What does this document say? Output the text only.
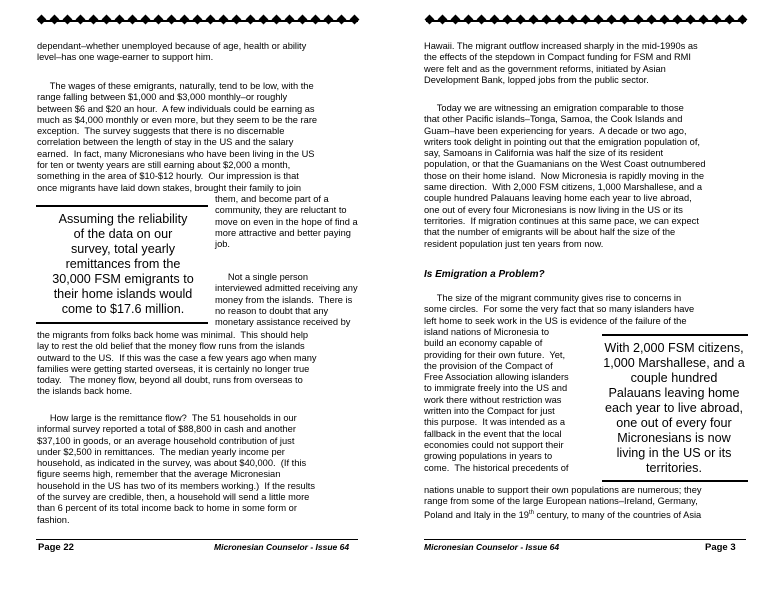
dependant–whether unemployed because of age, health or ability
level–has one wage-earner to support him.

The wages of these emigrants, naturally, tend to be low, with the
range falling between $1,000 and $3,000 monthly–or roughly
between $6 and $20 an hour.  A few individuals could be earning as
much as $4,000 monthly or even more, but they seem to be the rare
exception.  The survey suggests that there is no discernable
correlation between the length of stay in the US and the salary
earned.  In fact, many Micronesians who have been living in the US
for ten or twenty years are still earning about $2,000 a month,
something in the area of $10-$12 hourly.  Our impression is that
once migrants have laid down stakes, brought their family to join

them, and become part of a
community, they are reluctant to
move on even in the hope of find a
more attractive and better paying
job.

Assuming the reliability
of the data on our
survey, total yearly
remittances from the
30,000 FSM emigrants to
their home islands would
come to $17.6 million.

Not a single person
interviewed admitted receiving any
money from the islands.  There is
no reason to doubt that any
monetary assistance received by

the migrants from folks back home was minimal.  This should help
lay to rest the old belief that the money flow runs from the islands
outward to the US.  If this was the case a few years ago when many
families were getting started overseas, it is certainly no longer true
today.   The money flow, beyond all doubt, runs from overseas to
the islands back home.

How large is the remittance flow?  The 51 households in our
informal survey reported a total of $88,800 in cash and another
$37,100 in goods, or an average household contribution of just
under $2,500 in remittances.  The median yearly income per
household, as indicated in the survey, was about $40,000.  (If this
figure seems high, remember that the average Micronesian
household in the US has two of its members working.)  If the results
of the survey are credible, then, a household will send a little more
than 6 percent of its total income back to home in some form or
fashion.

Page 22	Micronesian Counselor - Issue 64

Hawaii. The migrant outflow increased sharply in the mid-1990s as
the effects of the stepdown in Compact funding for FSM and RMI
were felt and as the government reforms, initiated by Asian
Development Bank, lopped jobs from the public sector.

Today we are witnessing an emigration comparable to those
that other Pacific islands–Tonga, Samoa, the Cook Islands and
Guam–have been experiencing for years.  A decade or two ago,
writers took delight in pointing out that the emigration population of,
say, Samoans in California was half the size of its resident
population, or that the Guamanians on the West Coast outnumbered
those on their home island.  Now Micronesia is rapidly moving in the
same direction.  With 2,000 FSM citizens, 1,000 Marshallese, and a
couple hundred Palauans leaving home each year to live abroad,
one out of every four Micronesians is now living in the US or its
territories.  If migration continues at this same pace, we can expect
that the number of emigrants will be about half the size of the
resident population just ten years from now.

Is Emigration a Problem?

The size of the migrant community gives rise to concerns in
some circles.  For some the very fact that so many islanders have
left home to seek work in the US is evidence of the failure of the

island nations of Micronesia to
build an economy capable of
providing for their own future.  Yet,
the provision of the Compact of
Free Association allowing islanders
to immigrate freely into the US and
work there without restriction was
written into the Compact for just
this purpose.  It was intended as a
fallback in the event that the local
economies could not support their
growing populations in years to
come.  The historical precedents of

With 2,000 FSM citizens,
1,000 Marshallese, and a
couple hundred
Palauans leaving home
each year to live abroad,
one out of every four
Micronesians is now
living in the US or its
territories.

nations unable to support their own populations are numerous; they
range from some of the large European nations–Ireland, Germany,

Poland and Italy in the 19th century, to many of the countries of Asia

Micronesian Counselor - Issue 64	Page 3
